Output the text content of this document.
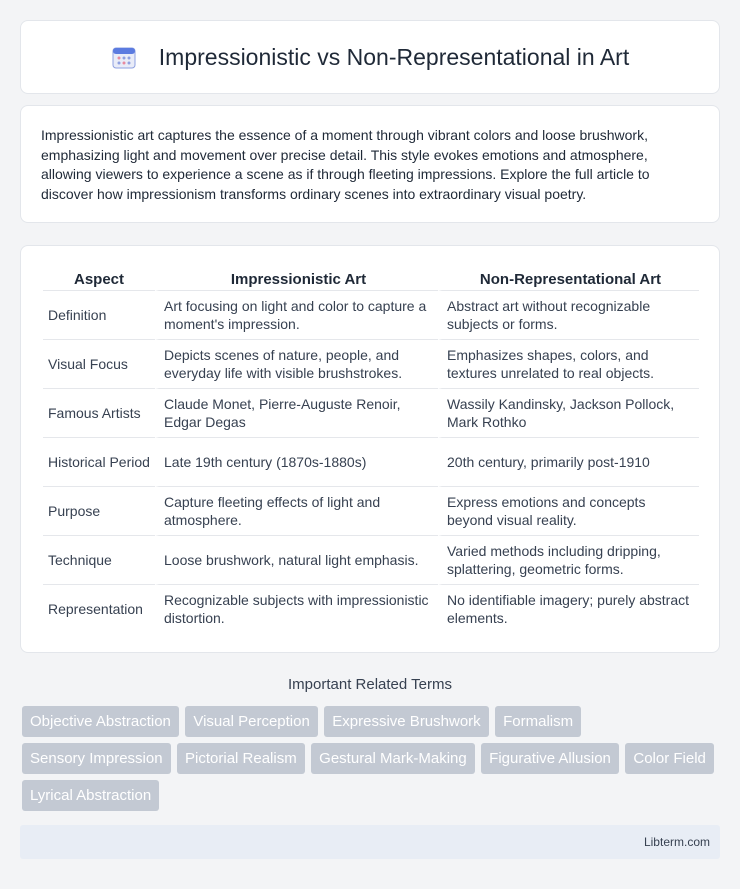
Impressionistic vs Non-Representational in Art

Impressionistic art captures the essence of a moment through vibrant colors and loose brushwork, emphasizing light and movement over precise detail. This style evokes emotions and atmosphere, allowing viewers to experience a scene as if through fleeting impressions. Explore the full article to discover how impressionism transforms ordinary scenes into extraordinary visual poetry.

Aspect	Impressionistic Art	Non-Representational Art
Definition	Art focusing on light and color to capture a moment's impression.	Abstract art without recognizable subjects or forms.
Visual Focus	Depicts scenes of nature, people, and everyday life with visible brushstrokes.	Emphasizes shapes, colors, and textures unrelated to real objects.
Famous Artists	Claude Monet, Pierre-Auguste Renoir, Edgar Degas	Wassily Kandinsky, Jackson Pollock, Mark Rothko
Historical Period	Late 19th century (1870s-1880s)	20th century, primarily post-1910
Purpose	Capture fleeting effects of light and atmosphere.	Express emotions and concepts beyond visual reality.
Technique	Loose brushwork, natural light emphasis.	Varied methods including dripping, splattering, geometric forms.
Representation	Recognizable subjects with impressionistic distortion.	No identifiable imagery; purely abstract elements.
Important Related Terms
Objective Abstraction Visual Perception Expressive Brushwork Formalism Sensory Impression Pictorial Realism Gestural Mark-Making Figurative Allusion Color Field Lyrical Abstraction
Libterm.com
